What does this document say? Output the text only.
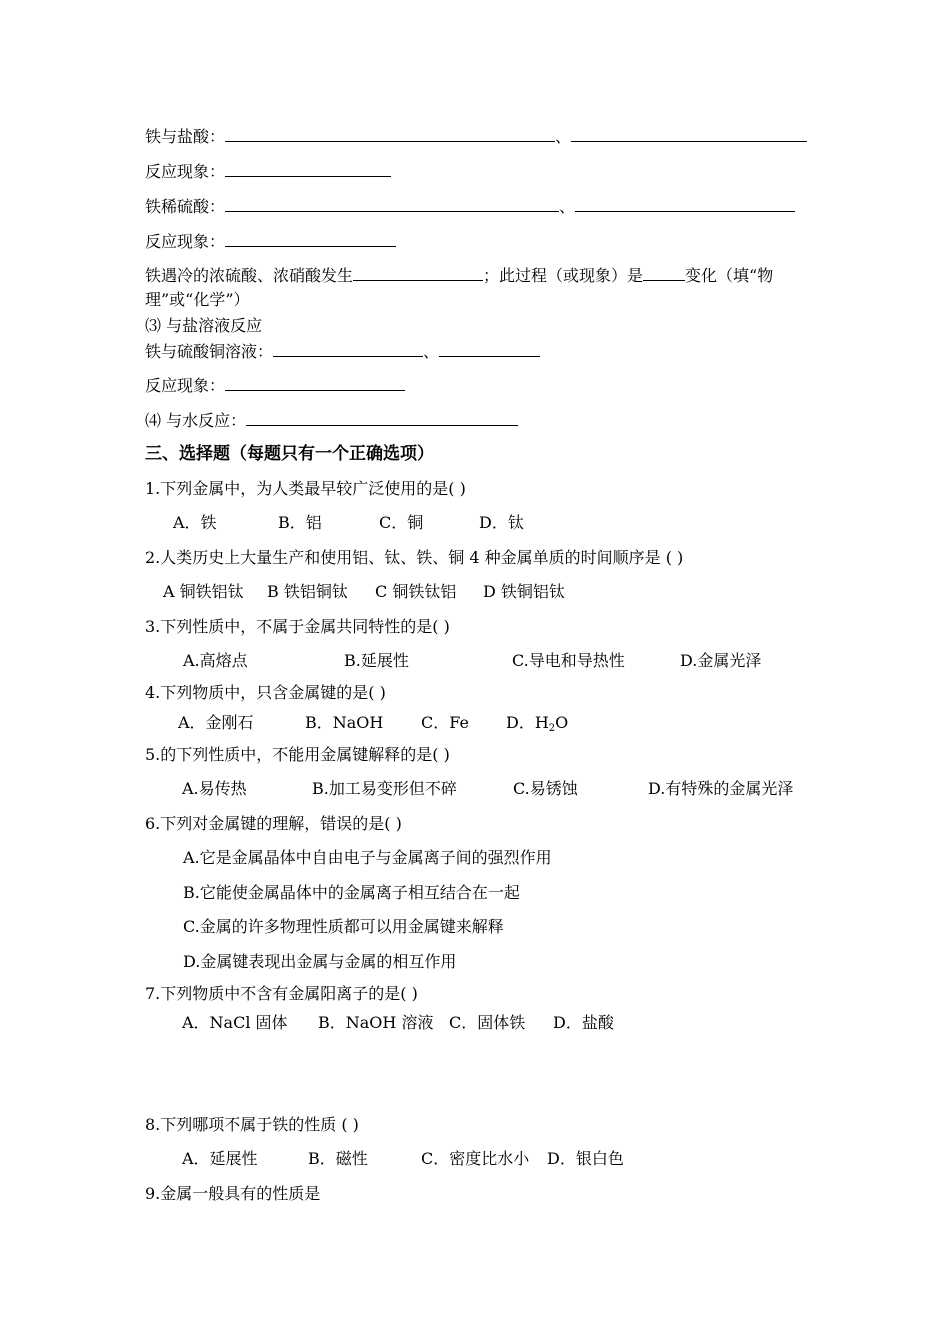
铁与盐酸：	、
反应现象：
铁稀硫酸：	、
反应现象：
铁遇冷的浓硫酸、浓硝酸发生	；此过程（或现象）是	变化（填“物
理”或“化学”）
⑶ 与盐溶液反应
铁与硫酸铜溶液：	、
反应现象：
⑷ 与水反应：
三、选择题（每题只有一个正确选项）
1.下列金属中，为人类最早较广泛使用的是( )
A．铁	B．铝	C．铜	D．钛
2.人类历史上大量生产和使用铝、钛、铁、铜 4 种金属单质的时间顺序是 ( )
A 铜铁铝钛 B 铁铝铜钛 C 铜铁钛铝 D 铁铜铝钛
3.下列性质中，不属于金属共同特性的是( )
A.高熔点	B.延展性	C.导电和导热性	D.金属光泽
4.下列物质中，只含金属键的是( )
A．金刚石	B．NaOH C．Fe D．$H_2O$
5.的下列性质中，不能用金属键解释的是( )
A.易传热	B.加工易变形但不碎	C.易锈蚀	D.有特殊的金属光泽
6.下列对金属键的理解，错误的是( )
A.它是金属晶体中自由电子与金属离子间的强烈作用
B.它能使金属晶体中的金属离子相互结合在一起
C.金属的许多物理性质都可以用金属键来解释
D.金属键表现出金属与金属的相互作用
7.下列物质中不含有金属阳离子的是( )
A．NaCl 固体 B．NaOH 溶液 C．固体铁 D．盐酸
8.下列哪项不属于铁的性质 ( )
A．延展性	B．磁性	C．密度比水小 D．银白色
9.金属一般具有的性质是
